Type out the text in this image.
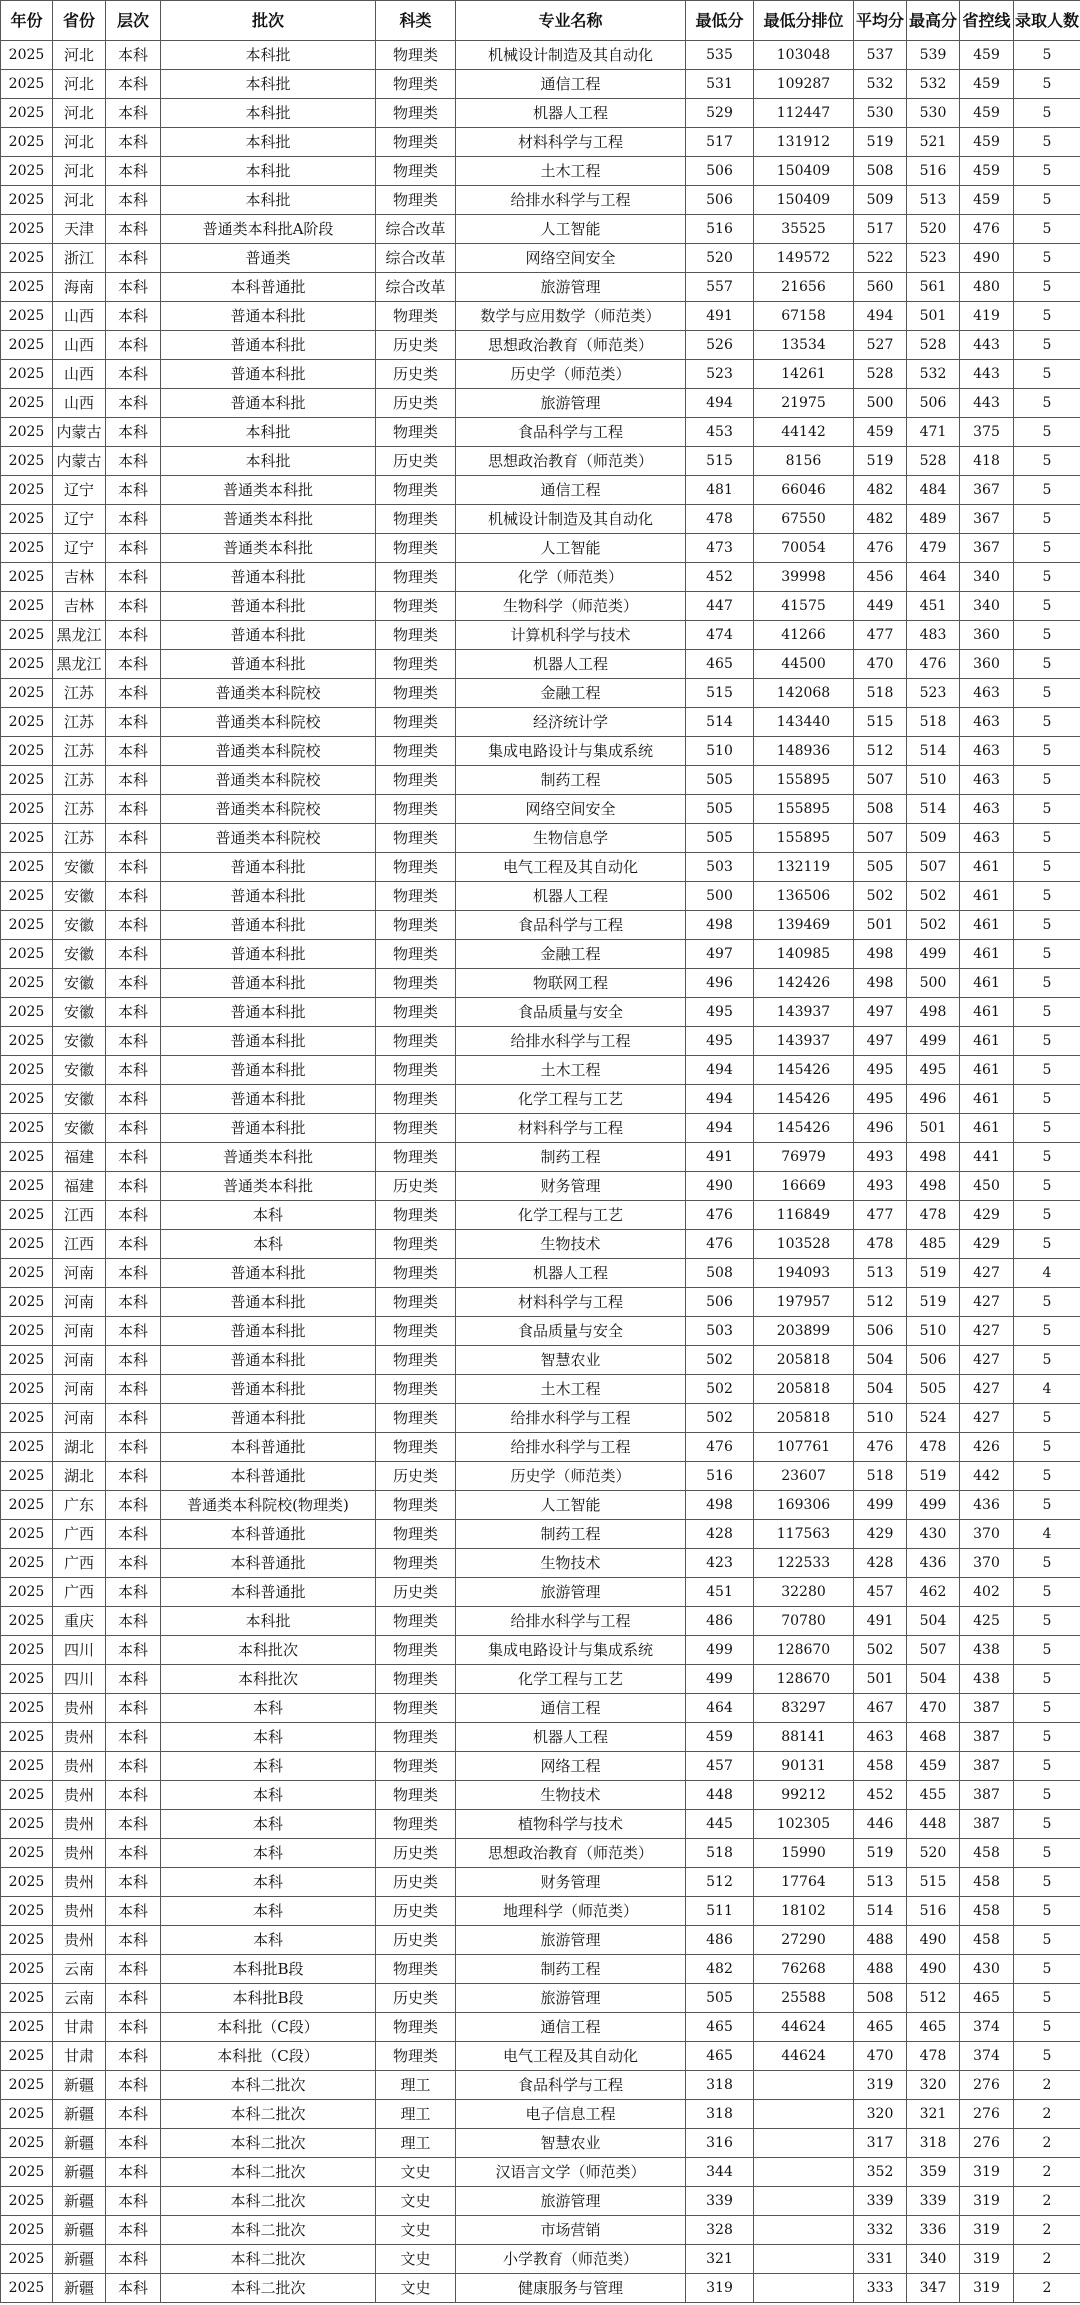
年份	省份	层次	批次	科类	专业名称	最低分	最低分排位	平均分	最高分	省控线	录取人数
2025	河北	本科	本科批	物理类	机械设计制造及其自动化	535	103048	537	539	459	5
2025	河北	本科	本科批	物理类	通信工程	531	109287	532	532	459	5
2025	河北	本科	本科批	物理类	机器人工程	529	112447	530	530	459	5
2025	河北	本科	本科批	物理类	材料科学与工程	517	131912	519	521	459	5
2025	河北	本科	本科批	物理类	土木工程	506	150409	508	516	459	5
2025	河北	本科	本科批	物理类	给排水科学与工程	506	150409	509	513	459	5
2025	天津	本科	普通类本科批A阶段	综合改革	人工智能	516	35525	517	520	476	5
2025	浙江	本科	普通类	综合改革	网络空间安全	520	149572	522	523	490	5
2025	海南	本科	本科普通批	综合改革	旅游管理	557	21656	560	561	480	5
2025	山西	本科	普通本科批	物理类	数学与应用数学（师范类）	491	67158	494	501	419	5
2025	山西	本科	普通本科批	历史类	思想政治教育（师范类）	526	13534	527	528	443	5
2025	山西	本科	普通本科批	历史类	历史学（师范类）	523	14261	528	532	443	5
2025	山西	本科	普通本科批	历史类	旅游管理	494	21975	500	506	443	5
2025	内蒙古	本科	本科批	物理类	食品科学与工程	453	44142	459	471	375	5
2025	内蒙古	本科	本科批	历史类	思想政治教育（师范类）	515	8156	519	528	418	5
2025	辽宁	本科	普通类本科批	物理类	通信工程	481	66046	482	484	367	5
2025	辽宁	本科	普通类本科批	物理类	机械设计制造及其自动化	478	67550	482	489	367	5
2025	辽宁	本科	普通类本科批	物理类	人工智能	473	70054	476	479	367	5
2025	吉林	本科	普通本科批	物理类	化学（师范类）	452	39998	456	464	340	5
2025	吉林	本科	普通本科批	物理类	生物科学（师范类）	447	41575	449	451	340	5
2025	黑龙江	本科	普通本科批	物理类	计算机科学与技术	474	41266	477	483	360	5
2025	黑龙江	本科	普通本科批	物理类	机器人工程	465	44500	470	476	360	5
2025	江苏	本科	普通类本科院校	物理类	金融工程	515	142068	518	523	463	5
2025	江苏	本科	普通类本科院校	物理类	经济统计学	514	143440	515	518	463	5
2025	江苏	本科	普通类本科院校	物理类	集成电路设计与集成系统	510	148936	512	514	463	5
2025	江苏	本科	普通类本科院校	物理类	制药工程	505	155895	507	510	463	5
2025	江苏	本科	普通类本科院校	物理类	网络空间安全	505	155895	508	514	463	5
2025	江苏	本科	普通类本科院校	物理类	生物信息学	505	155895	507	509	463	5
2025	安徽	本科	普通本科批	物理类	电气工程及其自动化	503	132119	505	507	461	5
2025	安徽	本科	普通本科批	物理类	机器人工程	500	136506	502	502	461	5
2025	安徽	本科	普通本科批	物理类	食品科学与工程	498	139469	501	502	461	5
2025	安徽	本科	普通本科批	物理类	金融工程	497	140985	498	499	461	5
2025	安徽	本科	普通本科批	物理类	物联网工程	496	142426	498	500	461	5
2025	安徽	本科	普通本科批	物理类	食品质量与安全	495	143937	497	498	461	5
2025	安徽	本科	普通本科批	物理类	给排水科学与工程	495	143937	497	499	461	5
2025	安徽	本科	普通本科批	物理类	土木工程	494	145426	495	495	461	5
2025	安徽	本科	普通本科批	物理类	化学工程与工艺	494	145426	495	496	461	5
2025	安徽	本科	普通本科批	物理类	材料科学与工程	494	145426	496	501	461	5
2025	福建	本科	普通类本科批	物理类	制药工程	491	76979	493	498	441	5
2025	福建	本科	普通类本科批	历史类	财务管理	490	16669	493	498	450	5
2025	江西	本科	本科	物理类	化学工程与工艺	476	116849	477	478	429	5
2025	江西	本科	本科	物理类	生物技术	476	103528	478	485	429	5
2025	河南	本科	普通本科批	物理类	机器人工程	508	194093	513	519	427	4
2025	河南	本科	普通本科批	物理类	材料科学与工程	506	197957	512	519	427	5
2025	河南	本科	普通本科批	物理类	食品质量与安全	503	203899	506	510	427	5
2025	河南	本科	普通本科批	物理类	智慧农业	502	205818	504	506	427	5
2025	河南	本科	普通本科批	物理类	土木工程	502	205818	504	505	427	4
2025	河南	本科	普通本科批	物理类	给排水科学与工程	502	205818	510	524	427	5
2025	湖北	本科	本科普通批	物理类	给排水科学与工程	476	107761	476	478	426	5
2025	湖北	本科	本科普通批	历史类	历史学（师范类）	516	23607	518	519	442	5
2025	广东	本科	普通类本科院校(物理类)	物理类	人工智能	498	169306	499	499	436	5
2025	广西	本科	本科普通批	物理类	制药工程	428	117563	429	430	370	4
2025	广西	本科	本科普通批	物理类	生物技术	423	122533	428	436	370	5
2025	广西	本科	本科普通批	历史类	旅游管理	451	32280	457	462	402	5
2025	重庆	本科	本科批	物理类	给排水科学与工程	486	70780	491	504	425	5
2025	四川	本科	本科批次	物理类	集成电路设计与集成系统	499	128670	502	507	438	5
2025	四川	本科	本科批次	物理类	化学工程与工艺	499	128670	501	504	438	5
2025	贵州	本科	本科	物理类	通信工程	464	83297	467	470	387	5
2025	贵州	本科	本科	物理类	机器人工程	459	88141	463	468	387	5
2025	贵州	本科	本科	物理类	网络工程	457	90131	458	459	387	5
2025	贵州	本科	本科	物理类	生物技术	448	99212	452	455	387	5
2025	贵州	本科	本科	物理类	植物科学与技术	445	102305	446	448	387	5
2025	贵州	本科	本科	历史类	思想政治教育（师范类）	518	15990	519	520	458	5
2025	贵州	本科	本科	历史类	财务管理	512	17764	513	515	458	5
2025	贵州	本科	本科	历史类	地理科学（师范类）	511	18102	514	516	458	5
2025	贵州	本科	本科	历史类	旅游管理	486	27290	488	490	458	5
2025	云南	本科	本科批B段	物理类	制药工程	482	76268	488	490	430	5
2025	云南	本科	本科批B段	历史类	旅游管理	505	25588	508	512	465	5
2025	甘肃	本科	本科批（C段）	物理类	通信工程	465	44624	465	465	374	5
2025	甘肃	本科	本科批（C段）	物理类	电气工程及其自动化	465	44624	470	478	374	5
2025	新疆	本科	本科二批次	理工	食品科学与工程	318		319	320	276	2
2025	新疆	本科	本科二批次	理工	电子信息工程	318		320	321	276	2
2025	新疆	本科	本科二批次	理工	智慧农业	316		317	318	276	2
2025	新疆	本科	本科二批次	文史	汉语言文学（师范类）	344		352	359	319	2
2025	新疆	本科	本科二批次	文史	旅游管理	339		339	339	319	2
2025	新疆	本科	本科二批次	文史	市场营销	328		332	336	319	2
2025	新疆	本科	本科二批次	文史	小学教育（师范类）	321		331	340	319	2
2025	新疆	本科	本科二批次	文史	健康服务与管理	319		333	347	319	2
